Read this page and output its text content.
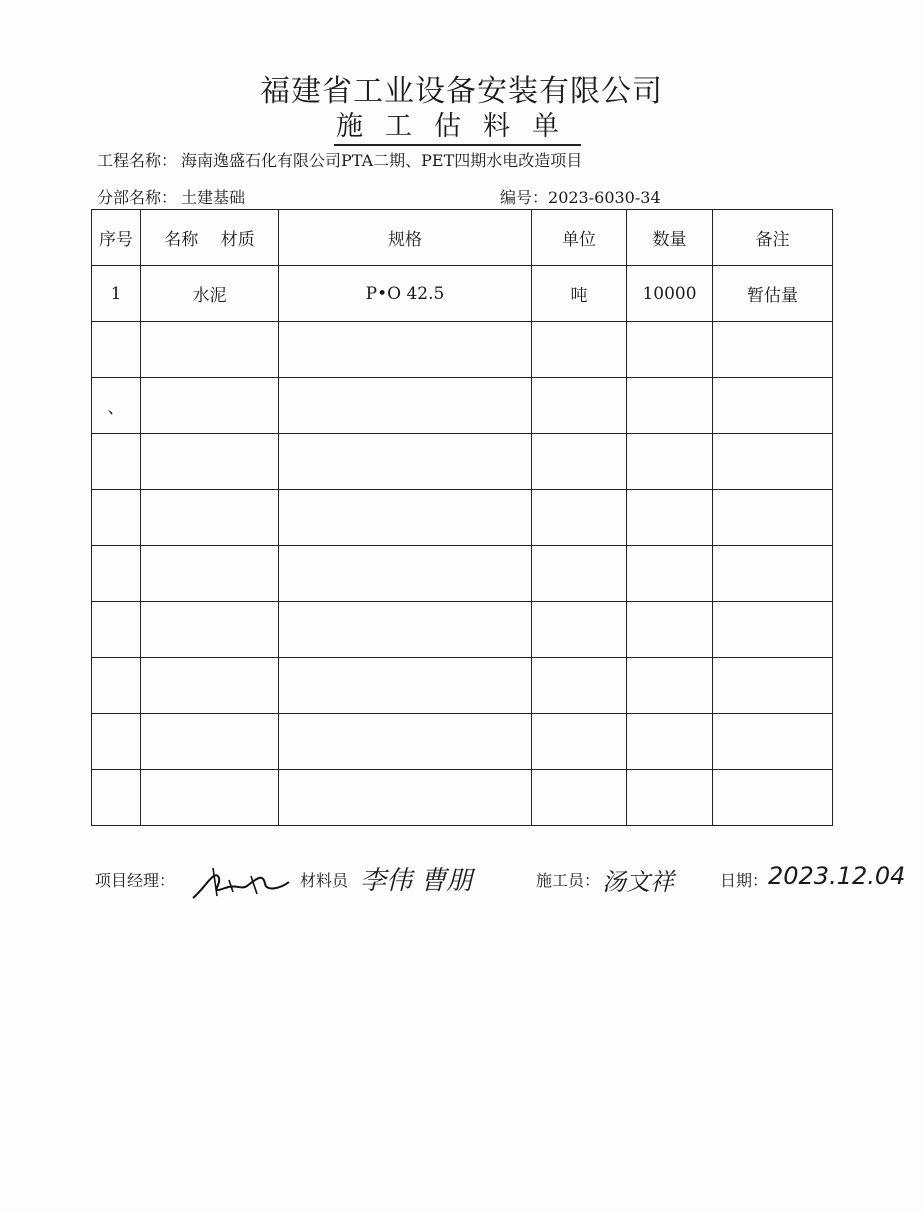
福建省工业设备安装有限公司
施工估料单
工程名称： 海南逸盛石化有限公司PTA二期、PET四期水电改造项目
分部名称： 土建基础	编号：2023-6030-34
序号	名称　 材质	规格	单位	数量	备注
1	水泥	P•O 42.5	吨	10000	暂估量

、					

项目经理：	材料员 李伟 曹朋	施工员： 汤文祥	日期： 2023.12.04
